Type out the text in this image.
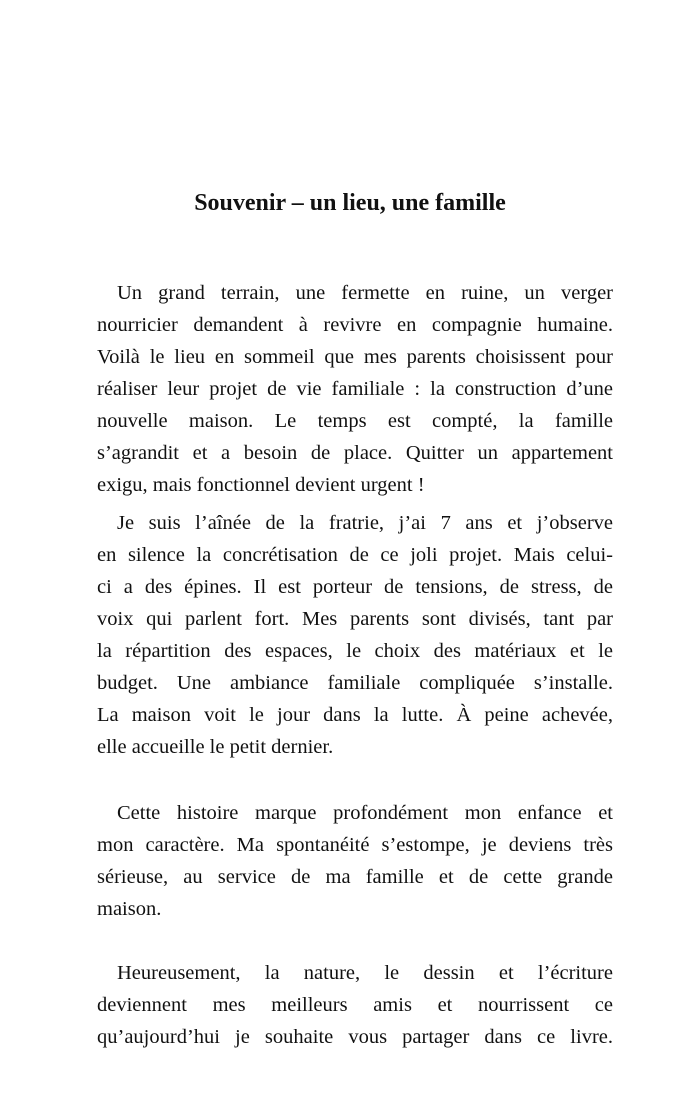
Souvenir – un lieu, une famille
Un grand terrain, une fermette en ruine, un verger
nourricier demandent à revivre en compagnie humaine.
Voilà le lieu en sommeil que mes parents choisissent pour
réaliser leur projet de vie familiale : la construction d’une
nouvelle maison. Le temps est compté, la famille
s’agrandit et a besoin de place. Quitter un appartement
exigu, mais fonctionnel devient urgent !
Je suis l’aînée de la fratrie, j’ai 7 ans et j’observe
en silence la concrétisation de ce joli projet. Mais celui-
ci a des épines. Il est porteur de tensions, de stress, de
voix qui parlent fort. Mes parents sont divisés, tant par
la répartition des espaces, le choix des matériaux et le
budget. Une ambiance familiale compliquée s’installe.
La maison voit le jour dans la lutte. À peine achevée,
elle accueille le petit dernier.
Cette histoire marque profondément mon enfance et
mon caractère. Ma spontanéité s’estompe, je deviens très
sérieuse, au service de ma famille et de cette grande
maison.
Heureusement, la nature, le dessin et l’écriture
deviennent mes meilleurs amis et nourrissent ce
qu’aujourd’hui je souhaite vous partager dans ce livre.
